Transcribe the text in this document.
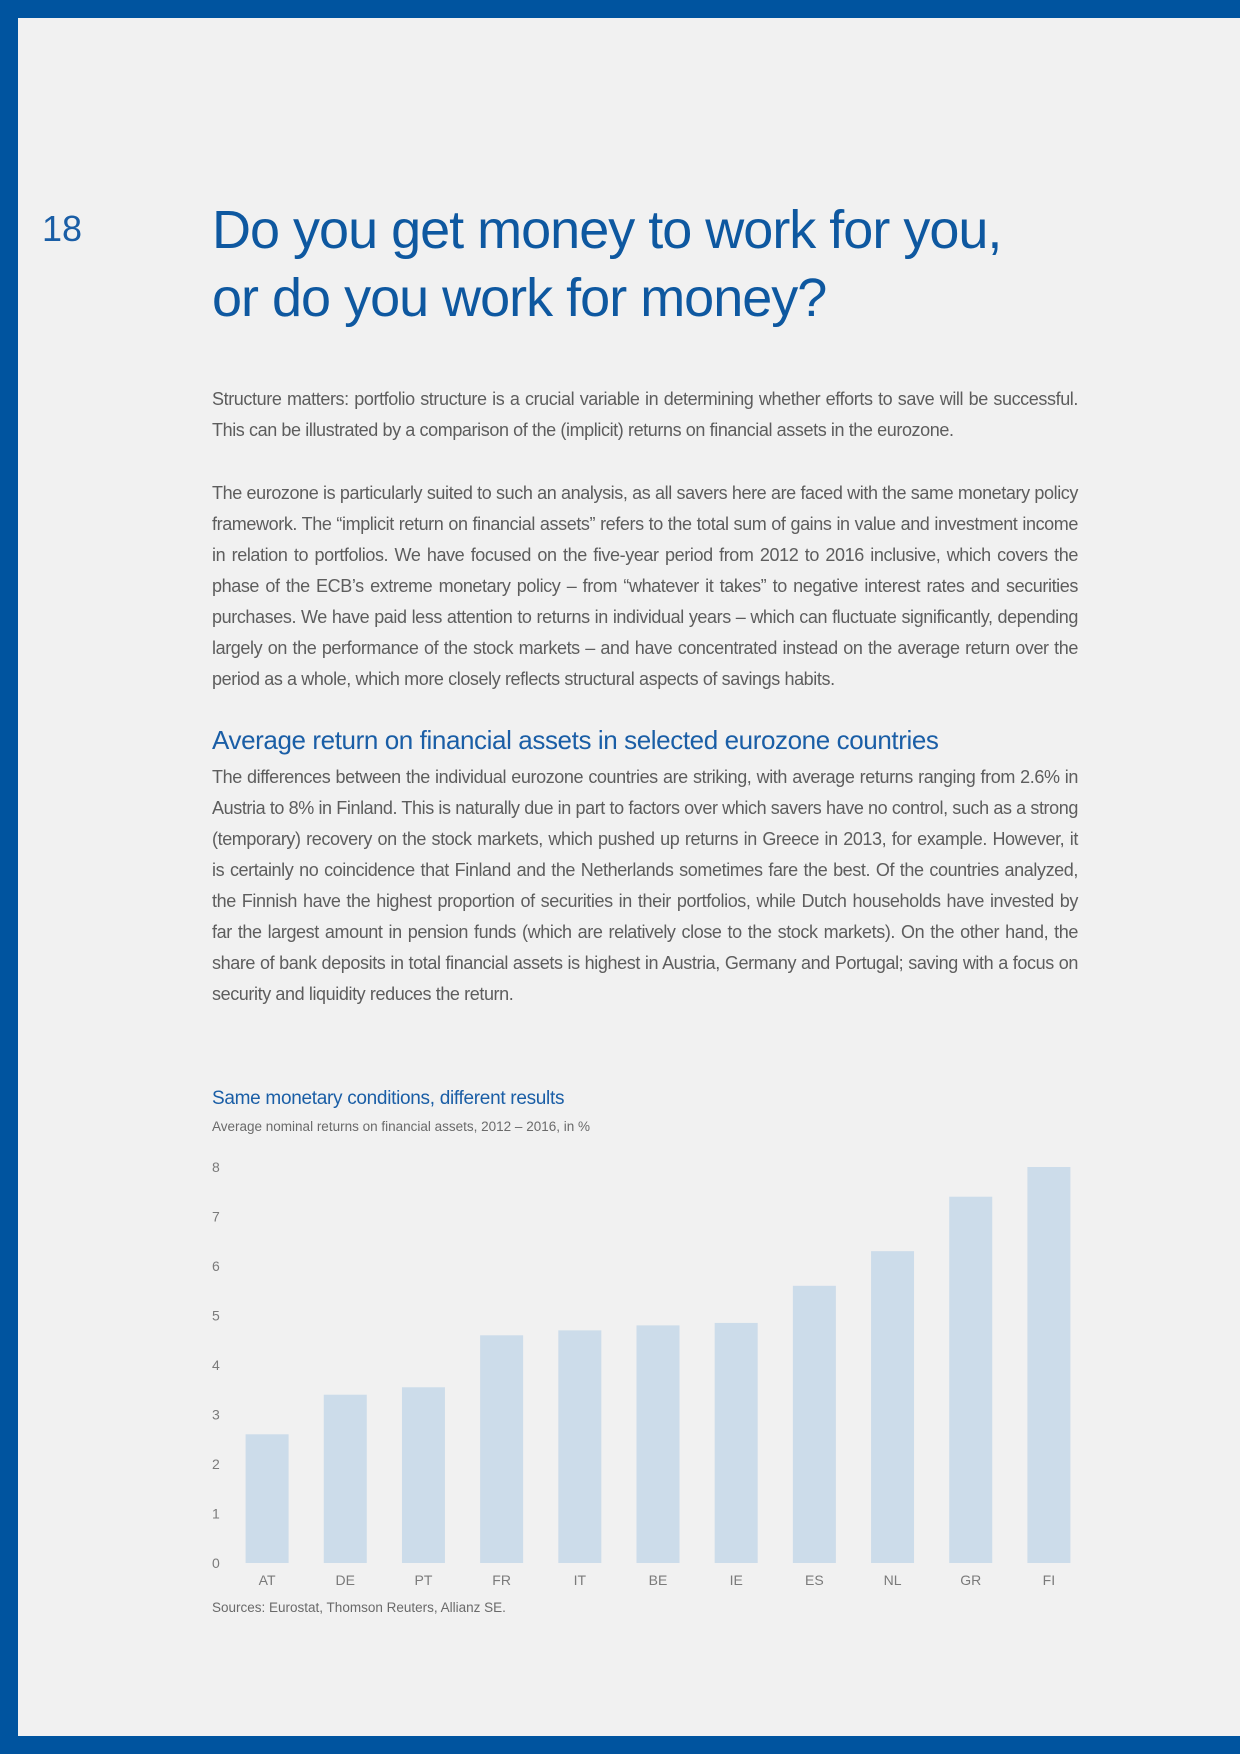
18 Do you get money to work for you,
or do you work for money?

Structure matters: portfolio structure is a crucial variable in determining whether efforts to save will be successful. This can be illustrated by a comparison of the (implicit) returns on financial assets in the eurozone.

The eurozone is particularly suited to such an analysis, as all savers here are faced with the same monetary policy framework. The “implicit return on financial assets” refers to the total sum of gains in value and investment income in relation to portfolios. We have focused on the five-year period from 2012 to 2016 inclusive, which covers the phase of the ECB’s extreme monetary policy – from “whatever it takes” to negative interest rates and securities purchases. We have paid less attention to returns in individual years – which can fluctuate significantly, depending largely on the performance of the stock markets – and have concentrated instead on the average return over the period as a whole, which more closely reflects structural aspects of savings habits.

Average return on financial assets in selected eurozone countries

The differences between the individual eurozone countries are striking, with average returns ranging from 2.6% in Austria to 8% in Finland. This is naturally due in part to factors over which savers have no control, such as a strong (temporary) recovery on the stock markets, which pushed up returns in Greece in 2013, for example. However, it is certainly no coincidence that Finland and the Netherlands sometimes fare the best. Of the countries analyzed, the Finnish have the highest proportion of securities in their portfolios, while Dutch households have invested by far the largest amount in pension funds (which are relatively close to the stock markets). On the other hand, the share of bank deposits in total financial assets is highest in Austria, Germany and Portugal; saving with a focus on security and liquidity reduces the return.

Same monetary conditions, different results
Average nominal returns on financial assets, 2012 – 2016, in %
0
1
2
3
4
5
6
7
8
AT	DE	PT	FR	IT	BE	IE	ES	NL	GR	FI
Sources: Eurostat, Thomson Reuters, Allianz SE.
